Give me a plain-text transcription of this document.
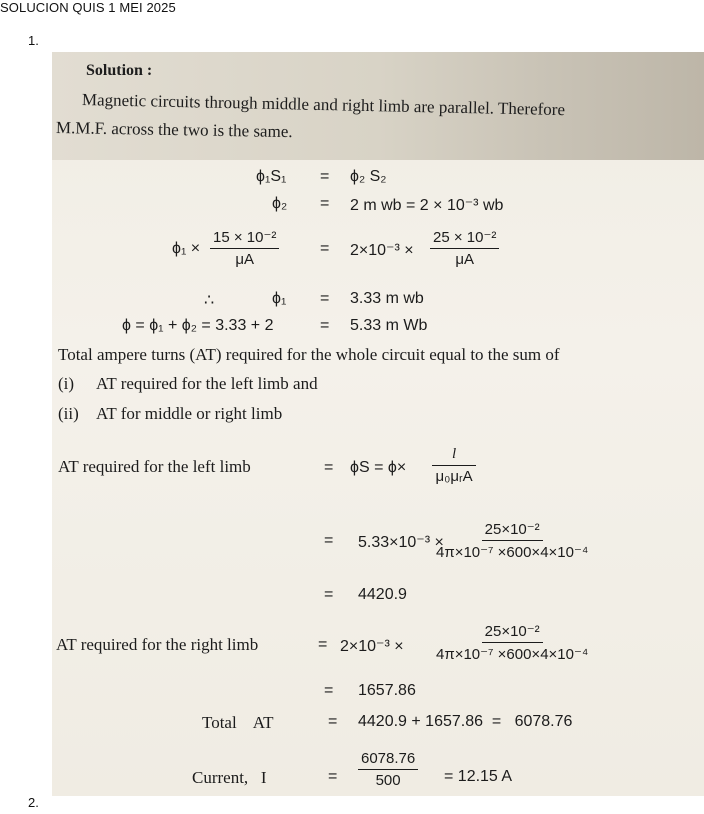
SOLUCION QUIS 1 MEI 2025
1.
2.
Solution :
Magnetic circuits through middle and right limb are parallel. Therefore
M.M.F. across the two is the same.
ϕ₁S₁ = ϕ₂ S₂
ϕ₂ = 2 m wb = 2 × 10⁻³ wb
$\phi_1 \times \frac{\text{15 × 10⁻²}}{\mu A}$	= $2\times 10^{-3} \times \frac{\text{25 × 10⁻²}}{\mu A}$
∴	ϕ₁ = 3.33 m wb
ϕ = ϕ₁ + ϕ₂ = 3.33 + 2	= 5.33 m Wb
Total ampere turns (AT) required for the whole circuit equal to the sum of
(i) AT required for the left limb and
(ii) AT for middle or right limb
AT required for the left limb	= ϕS = ϕ×
l
μ₀μᵣA
= 5.33×10⁻³ ×
$\frac{\text{25×10⁻²}}{\text{4π×10⁻⁷ ×600×4×10⁻⁴}}$
= 4420.9
AT required for the right limb	= $2\times 10^{-3} \times \frac{\text{25×10⁻²}}{\text{4π×10⁻⁷ ×600×4×10⁻⁴}}$
= 1657.86
Total    AT	= 4420.9 + 1657.86  =   6078.76
Current,   I	= $\frac{6078.76}{500} = 12.15$ A
